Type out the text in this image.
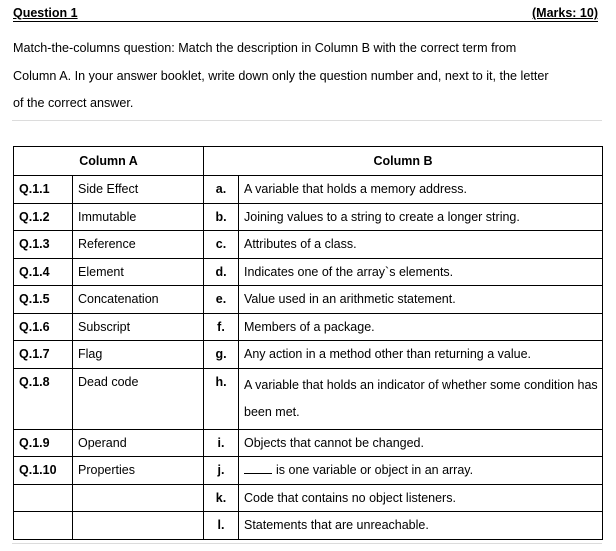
Question 1	(Marks: 10)
Match-the-columns question: Match the description in Column B with the correct term from
Column A. In your answer booklet, write down only the question number and, next to it, the letter
of the correct answer.
Column A		Column B	
Q.1.1	Side Effect	a.	A variable that holds a memory address.
Q.1.2	Immutable	b.	Joining values to a string to create a longer string.
Q.1.3	Reference	c.	Attributes of a class.
Q.1.4	Element	d.	Indicates one of the array`s elements.
Q.1.5	Concatenation	e.	Value used in an arithmetic statement.
Q.1.6	Subscript	f.	Members of a package.
Q.1.7	Flag	g.	Any action in a method other than returning a value.
Q.1.8	Dead code	h.	A variable that holds an indicator of whether some condition has been met.
Q.1.9	Operand	i.	Objects that cannot be changed.
Q.1.10	Properties	j.	is one variable or object in an array.
		k.	Code that contains no object listeners.
		l.	Statements that are unreachable.
